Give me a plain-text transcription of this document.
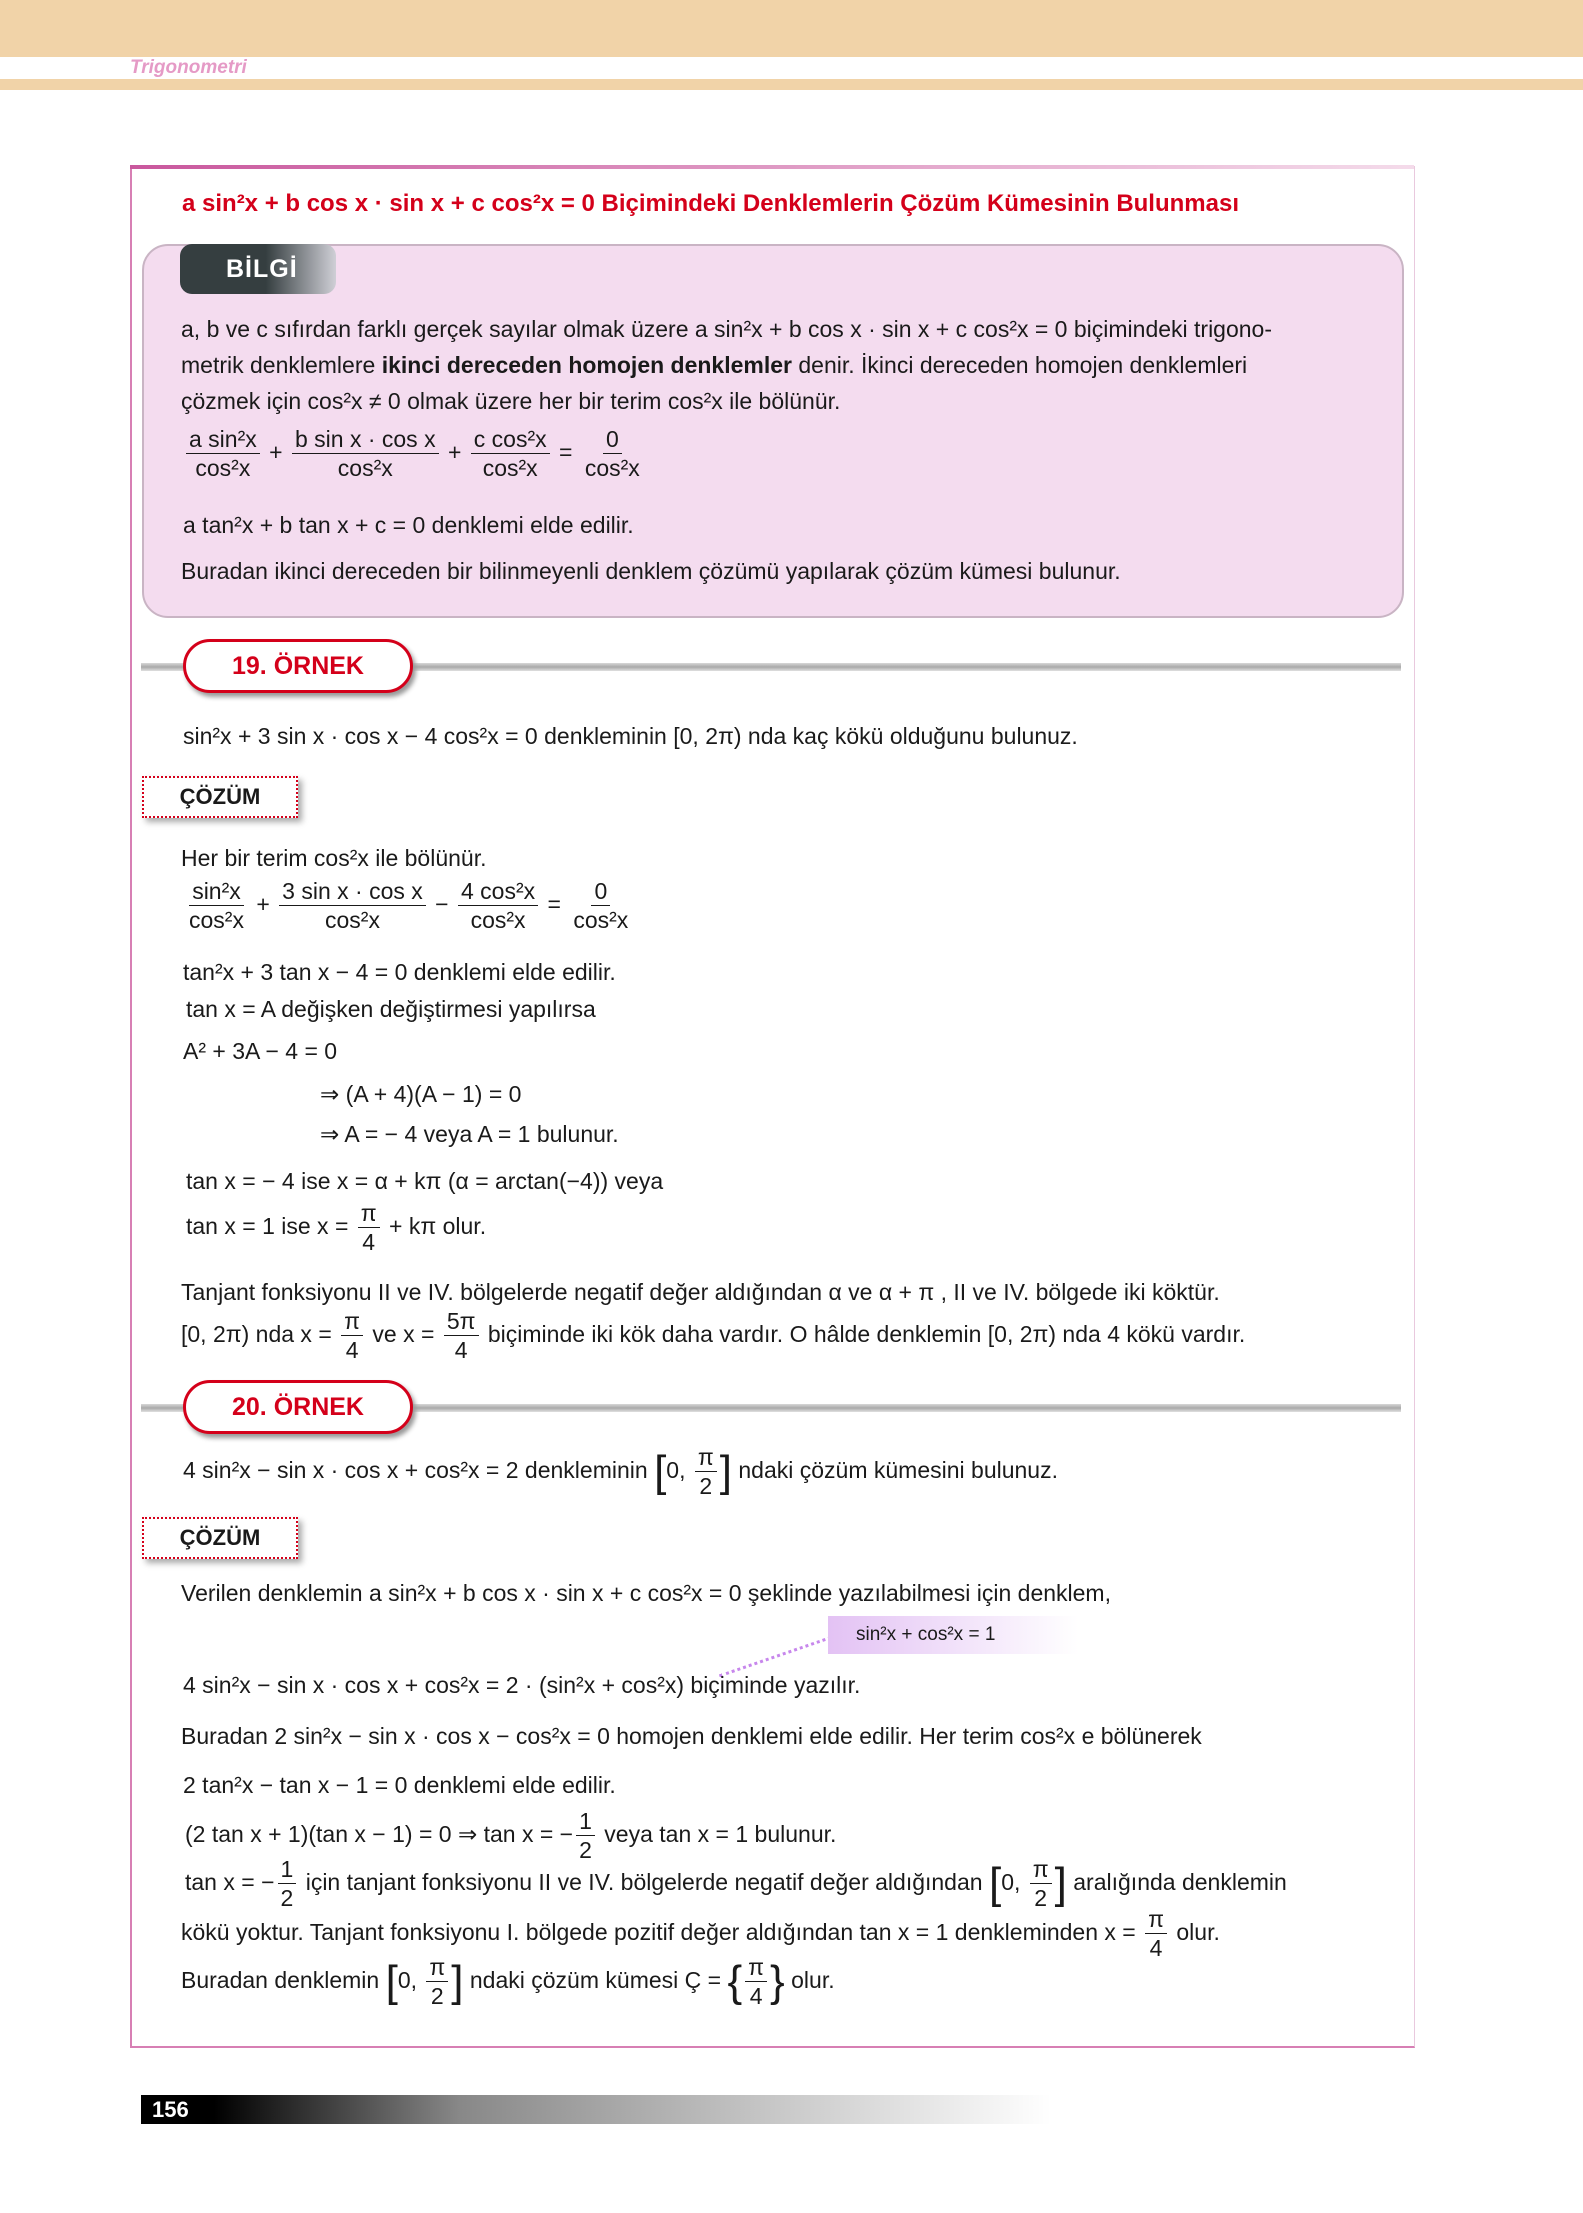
Trigonometri
a sin²x + b cos x · sin x + c cos²x = 0 Biçimindeki Denklemlerin Çözüm Kümesinin Bulunması
BİLGİ
a, b ve c sıfırdan farklı gerçek sayılar olmak üzere a sin²x + b cos x · sin x + c cos²x = 0 biçimindeki trigono-
metrik denklemlere ikinci dereceden homojen denklemler denir. İkinci dereceden homojen denklemleri
çözmek için cos²x ≠ 0 olmak üzere her bir terim cos²x ile bölünür.
$\frac{\text{a sin²x}}{\text{cos²x}} + \frac{\text{b sin x · cos x}}{\text{cos²x}} + \frac{\text{c cos²x}}{\text{cos²x}} = \frac{0}{\text{cos²x}}$
a tan²x + b tan x + c = 0 denklemi elde edilir.
Buradan ikinci dereceden bir bilinmeyenli denklem çözümü yapılarak çözüm kümesi bulunur.
19. ÖRNEK
sin²x + 3 sin x · cos x − 4 cos²x = 0 denkleminin [0, 2π) nda kaç kökü olduğunu bulunuz.
ÇÖZÜM
Her bir terim cos²x ile bölünür.
$\frac{\text{sin²x}}{\text{cos²x}} + \frac{\text{3 sin x · cos x}}{\text{cos²x}} - \frac{\text{4 cos²x}}{\text{cos²x}} = \frac{0}{\text{cos²x}}$
tan²x + 3 tan x − 4 = 0 denklemi elde edilir.
tan x = A değişken değiştirmesi yapılırsa
A² + 3A − 4 = 0
⇒ (A + 4)(A − 1) = 0
⇒ A = − 4 veya A = 1 bulunur.
tan x = − 4 ise x = α + kπ (α = arctan(−4)) veya
tan x = 1 ise $x = \frac{\pi}{4} + k\pi$ olur.
Tanjant fonksiyonu II ve IV. bölgelerde negatif değer aldığından α ve α + π , II ve IV. bölgede iki köktür.
[0, 2π) nda $x = \frac{\pi}{4}$ ve $x = \frac{5\pi}{4}$ biçiminde iki kök daha vardır. O hâlde denklemin [0, 2π) nda 4 kökü vardır.
20. ÖRNEK
4 sin²x − sin x · cos x + cos²x = 2 denkleminin [0, $\frac{\pi}{2}$ ] ndaki çözüm kümesini bulunuz.
ÇÖZÜM
Verilen denklemin a sin²x + b cos x · sin x + c cos²x = 0 şeklinde yazılabilmesi için denklem,
sin²x + cos²x = 1
4 sin²x − sin x · cos x + cos²x = 2 · (sin²x + cos²x) biçiminde yazılır.
Buradan 2 sin²x − sin x · cos x − cos²x = 0 homojen denklemi elde edilir. Her terim cos²x e bölünerek
2 tan²x − tan x − 1 = 0 denklemi elde edilir.
(2 tan x + 1)(tan x − 1) = 0 ⇒ tan x = − $\frac{1}{2}$ veya tan x = 1 bulunur.
tan x = − $\frac{1}{2}$ için tanjant fonksiyonu II ve IV. bölgelerde negatif değer aldığından [0, $\frac{\pi}{2}$ ] aralığında denklemin
kökü yoktur. Tanjant fonksiyonu I. bölgede pozitif değer aldığından tan x = 1 denkleminden $x = \frac{\pi}{4}$ olur.
Buradan denklemin [0, $\frac{\pi}{2}$ ] ndaki çözüm kümesi Ç = { $\frac{\pi}{4}$ } olur.
156
